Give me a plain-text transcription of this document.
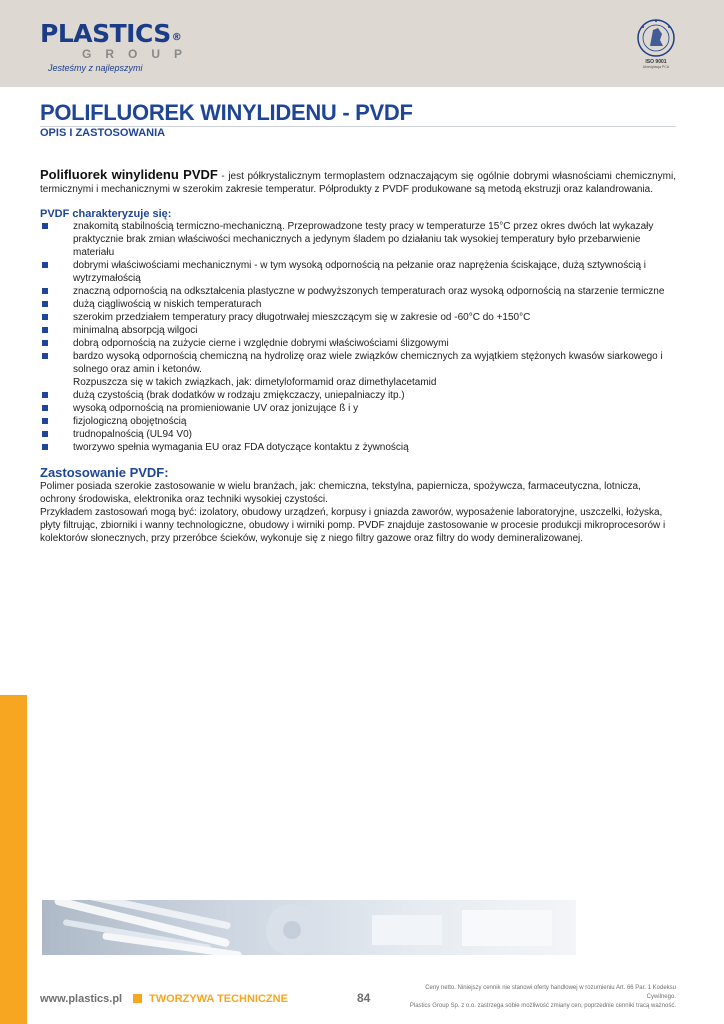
PLASTICS®
GROUP
Jesteśmy z najlepszymi
ISO 9001
Akredytacja PCA
POLIFLUOREK WINYLIDENU - PVDF
OPIS I ZASTOSOWANIA

Polifluorek winylidenu PVDF - jest półkrystalicznym termoplastem odznaczającym się ogólnie dobrymi własnościami chemicznymi, termicznymi i mechanicznymi w szerokim zakresie temperatur. Półprodukty z PVDF produkowane są metodą ekstruzji oraz kalandrowania.

PVDF charakteryzuje się:
znakomitą stabilnością termiczno-mechaniczną. Przeprowadzone testy pracy w temperaturze 15°C przez okres dwóch lat wykazały praktycznie brak zmian właściwości mechanicznych a jedynym śladem po działaniu tak wysokiej temperatury było przebarwienie materiału
dobrymi właściwościami mechanicznymi - w tym wysoką odpornością na pełzanie oraz naprężenia ściskające, dużą sztywnością i wytrzymałością
znaczną odpornością na odkształcenia plastyczne w podwyższonych temperaturach oraz wysoką odpornością na starzenie termiczne
dużą ciągliwością w niskich temperaturach
szerokim przedziałem temperatury pracy długotrwałej mieszczącym się w zakresie od -60°C do +150°C
minimalną absorpcją wilgoci
dobrą odpornością na zużycie cierne i względnie dobrymi właściwościami ślizgowymi
bardzo wysoką odpornością chemiczną na hydrolizę oraz wiele związków chemicznych za wyjątkiem stężonych kwasów siarkowego i solnego oraz amin i ketonów.
Rozpuszcza się w takich związkach, jak: dimetyloformamid oraz dimethylacetamid
dużą czystością (brak dodatków w rodzaju zmiękczaczy, uniepalniaczy itp.)
wysoką odpornością na promieniowanie UV oraz jonizujące ß i y
fizjologiczną obojętnością
trudnopalnością (UL94 V0)
tworzywo spełnia wymagania EU oraz FDA dotyczące kontaktu z żywnością
Zastosowanie PVDF:

Polimer posiada szerokie zastosowanie w wielu branżach, jak: chemiczna, tekstylna, papiernicza, spożywcza, farmaceutyczna, lotnicza, ochrony środowiska, elektronika oraz techniki wysokiej czystości.

Przykładem zastosowań mogą być: izolatory, obudowy urządzeń, korpusy i gniazda zaworów, wyposażenie laboratoryjne, uszczelki, łożyska, płyty filtrując, zbiorniki i wanny technologiczne, obudowy i wirniki pomp. PVDF znajduje zastosowanie w procesie produkcji mikroprocesorów i kolektorów słonecznych, przy przeróbce ścieków, wykonuje się z niego filtry gazowe oraz filtry do wody demineralizowanej.

www.plastics.pl TWORZYWA TECHNICZNE	84
Ceny netto. Niniejszy cennik nie stanowi oferty handlowej w rozumieniu Art. 66 Par. 1 Kodeksu Cywilnego.
Plastics Group Sp. z o.o. zastrzega sobie możliwość zmiany cen, poprzednie cenniki tracą ważność.
